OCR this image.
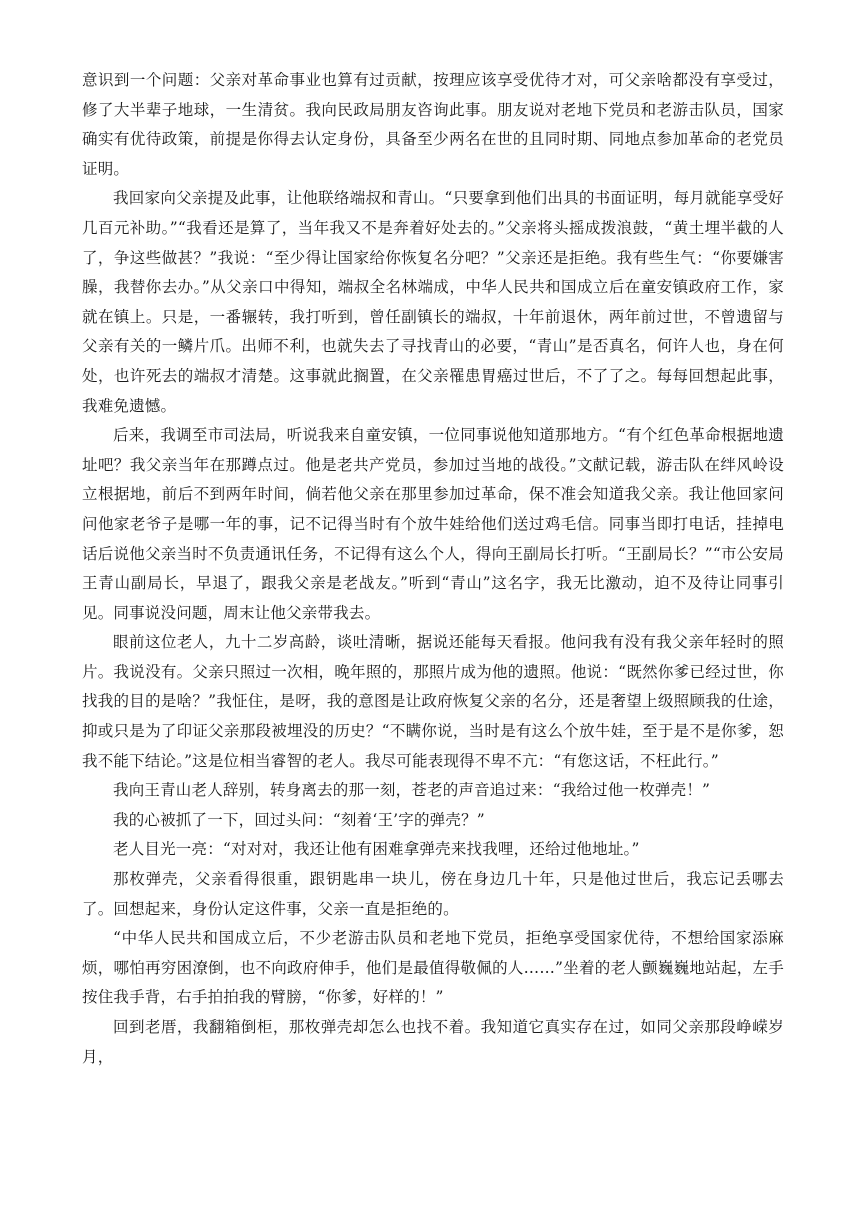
意识到一个问题：父亲对革命事业也算有过贡献，按理应该享受优待才对，可父亲啥都没有享受过，修了大半辈子地球，一生清贫。我向民政局朋友咨询此事。朋友说对老地下党员和老游击队员，国家确实有优待政策，前提是你得去认定身份，具备至少两名在世的且同时期、同地点参加革命的老党员证明。

我回家向父亲提及此事，让他联络端叔和青山。“只要拿到他们出具的书面证明，每月就能享受好几百元补助。”“我看还是算了，当年我又不是奔着好处去的。”父亲将头摇成拨浪鼓，“黄土埋半截的人了，争这些做甚？”我说：“至少得让国家给你恢复名分吧？”父亲还是拒绝。我有些生气：“你要嫌害臊，我替你去办。”从父亲口中得知，端叔全名林端成，中华人民共和国成立后在童安镇政府工作，家就在镇上。只是，一番辗转，我打听到，曾任副镇长的端叔，十年前退休，两年前过世，不曾遗留与父亲有关的一鳞片爪。出师不利，也就失去了寻找青山的必要，“青山”是否真名，何许人也，身在何处，也许死去的端叔才清楚。这事就此搁置，在父亲罹患胃癌过世后，不了了之。每每回想起此事，我难免遗憾。

后来，我调至市司法局，听说我来自童安镇，一位同事说他知道那地方。“有个红色革命根据地遗址吧？我父亲当年在那蹲点过。他是老共产党员，参加过当地的战役。”文献记载，游击队在绊风岭设立根据地，前后不到两年时间，倘若他父亲在那里参加过革命，保不准会知道我父亲。我让他回家问问他家老爷子是哪一年的事，记不记得当时有个放牛娃给他们送过鸡毛信。同事当即打电话，挂掉电话后说他父亲当时不负责通讯任务，不记得有这么个人，得向王副局长打听。“王副局长？”“市公安局王青山副局长，早退了，跟我父亲是老战友。”听到“青山”这名字，我无比激动，迫不及待让同事引见。同事说没问题，周末让他父亲带我去。

眼前这位老人，九十二岁高龄，谈吐清晰，据说还能每天看报。他问我有没有我父亲年轻时的照片。我说没有。父亲只照过一次相，晚年照的，那照片成为他的遗照。他说：“既然你爹已经过世，你找我的目的是啥？”我怔住，是呀，我的意图是让政府恢复父亲的名分，还是奢望上级照顾我的仕途，抑或只是为了印证父亲那段被埋没的历史？“不瞒你说，当时是有这么个放牛娃，至于是不是你爹，恕我不能下结论。”这是位相当睿智的老人。我尽可能表现得不卑不亢：“有您这话，不枉此行。”

我向王青山老人辞别，转身离去的那一刻，苍老的声音追过来：“我给过他一枚弹壳！”

我的心被抓了一下，回过头问：“刻着‘王’字的弹壳？”

老人目光一亮：“对对对，我还让他有困难拿弹壳来找我哩，还给过他地址。”

那枚弹壳，父亲看得很重，跟钥匙串一块儿，傍在身边几十年，只是他过世后，我忘记丢哪去了。回想起来，身份认定这件事，父亲一直是拒绝的。

“中华人民共和国成立后，不少老游击队员和老地下党员，拒绝享受国家优待，不想给国家添麻烦，哪怕再穷困潦倒，也不向政府伸手，他们是最值得敬佩的人……”坐着的老人颤巍巍地站起，左手按住我手背，右手拍拍我的臂膀，“你爹，好样的！”

回到老厝，我翻箱倒柜，那枚弹壳却怎么也找不着。我知道它真实存在过，如同父亲那段峥嵘岁月，
